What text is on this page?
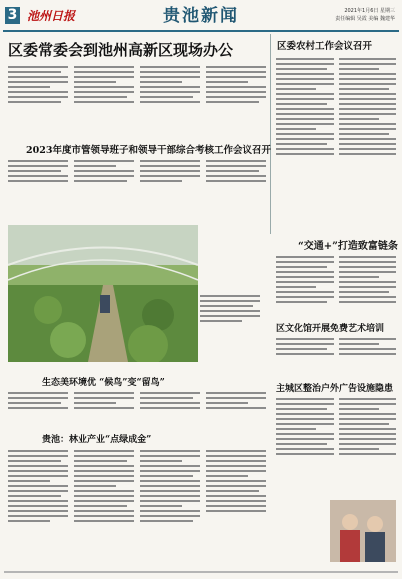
3 池州日报	贵池新闻	2021年1月6日 星期三
责任编辑 吴霞 美编 魏建华
区委常委会到池州高新区现场办公	区委农村工作会议召开
2023年度市管领导班子和领导干部综合考核工作会议召开
“交通+”打造致富链条
生态美环境优 “候鸟”变“留鸟”
区文化馆开展免费艺术培训
主城区整治户外广告设施隐患
贵池：林业产业“点绿成金”
